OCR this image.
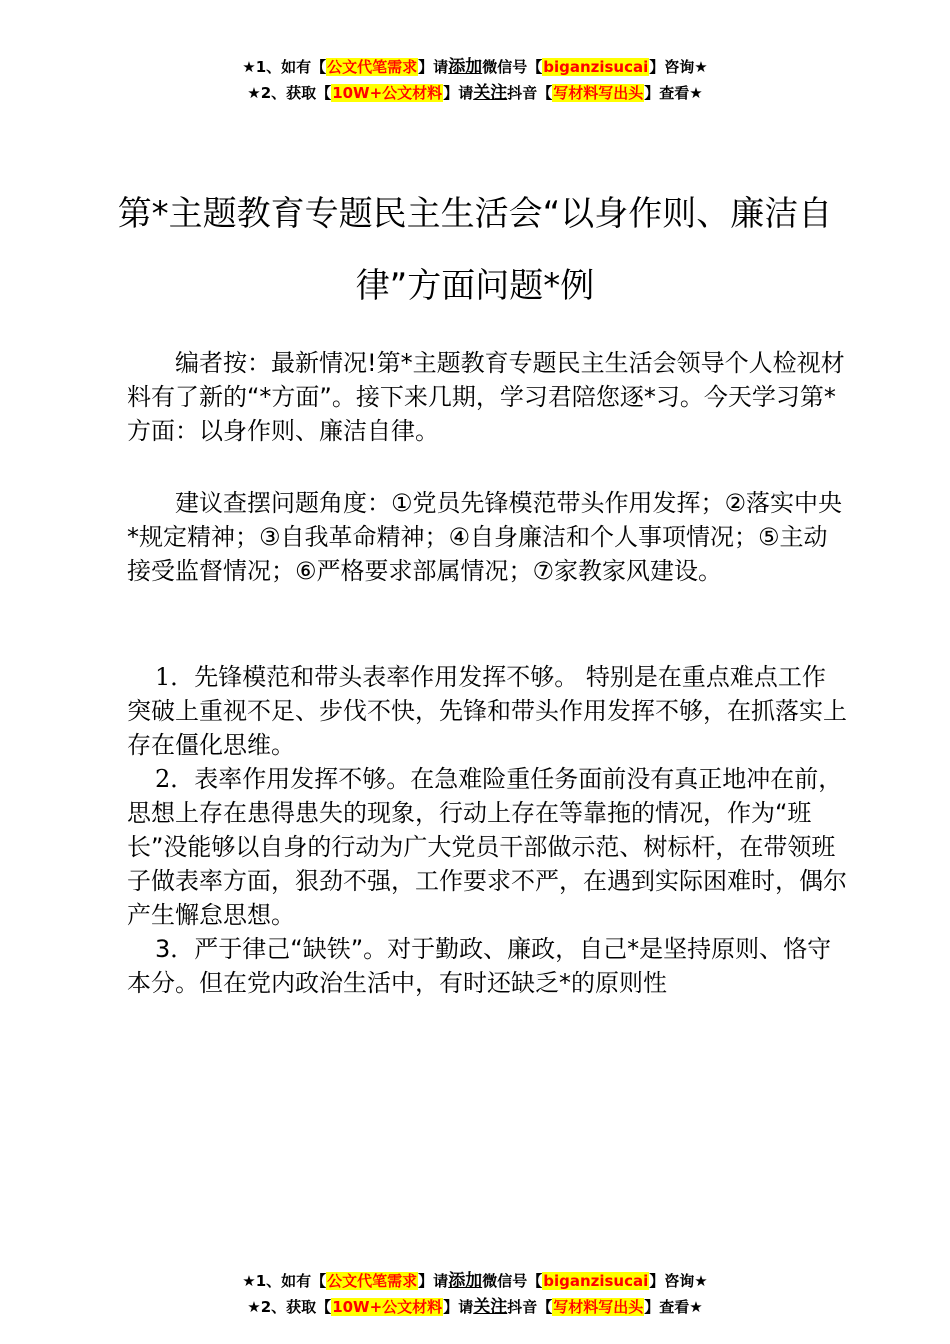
★1、如有【公文代笔需求】请添加微信号【biganzisucai】咨询★
★2、获取【10W+公文材料】请关注抖音【写材料写出头】查看★
第*主题教育专题民主生活会“以身作则、廉洁自律”方面问题*例

编者按：最新情况!第*主题教育专题民主生活会领导个人检视材料有了新的“*方面”。接下来几期，学习君陪您逐*习。今天学习第*方面：以身作则、廉洁自律。

建议查摆问题角度：①党员先锋模范带头作用发挥；②落实中央*规定精神；③自我革命精神；④自身廉洁和个人事项情况；⑤主动接受监督情况；⑥严格要求部属情况；⑦家教家风建设。

1．先锋模范和带头表率作用发挥不够。 特别是在重点难点工作突破上重视不足、步伐不快，先锋和带头作用发挥不够，在抓落实上存在僵化思维。

2．表率作用发挥不够。在急难险重任务面前没有真正地冲在前，思想上存在患得患失的现象，行动上存在等靠拖的情况，作为“班长”没能够以自身的行动为广大党员干部做示范、树标杆，在带领班子做表率方面，狠劲不强，工作要求不严，在遇到实际困难时，偶尔产生懈怠思想。

3．严于律己“缺铁”。对于勤政、廉政，自己*是坚持原则、恪守本分。但在党内政治生活中，有时还缺乏*的原则性

★1、如有【公文代笔需求】请添加微信号【biganzisucai】咨询★
★2、获取【10W+公文材料】请关注抖音【写材料写出头】查看★
